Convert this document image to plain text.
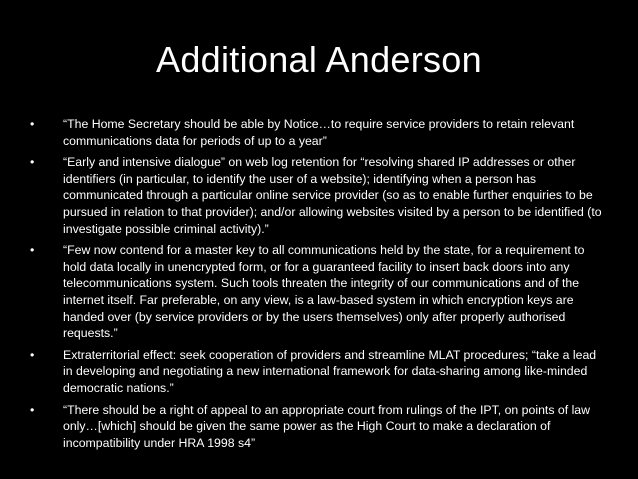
Additional Anderson
•	“The Home Secretary should be able by Notice…to require service providers to retain relevant communications data for periods of up to a year”
•	“Early and intensive dialogue” on web log retention for “resolving shared IP addresses or other identifiers (in particular, to identify the user of a website); identifying when a person has communicated through a particular online service provider (so as to enable further enquiries to be pursued in relation to that provider); and/or allowing websites visited by a person to be identified (to investigate possible criminal activity).”
•	“Few now contend for a master key to all communications held by the state, for a requirement to hold data locally in unencrypted form, or for a guaranteed facility to insert back doors into any telecommunications system. Such tools threaten the integrity of our communications and of the internet itself. Far preferable, on any view, is a law-based system in which encryption keys are handed over (by service providers or by the users themselves) only after properly authorised requests.”
•	Extraterritorial effect: seek cooperation of providers and streamline MLAT procedures; “take a lead in developing and negotiating a new international framework for data-sharing among like-minded democratic nations.”
•	“There should be a right of appeal to an appropriate court from rulings of the IPT, on points of law only…[which] should be given the same power as the High Court to make a declaration of incompatibility under HRA 1998 s4”
